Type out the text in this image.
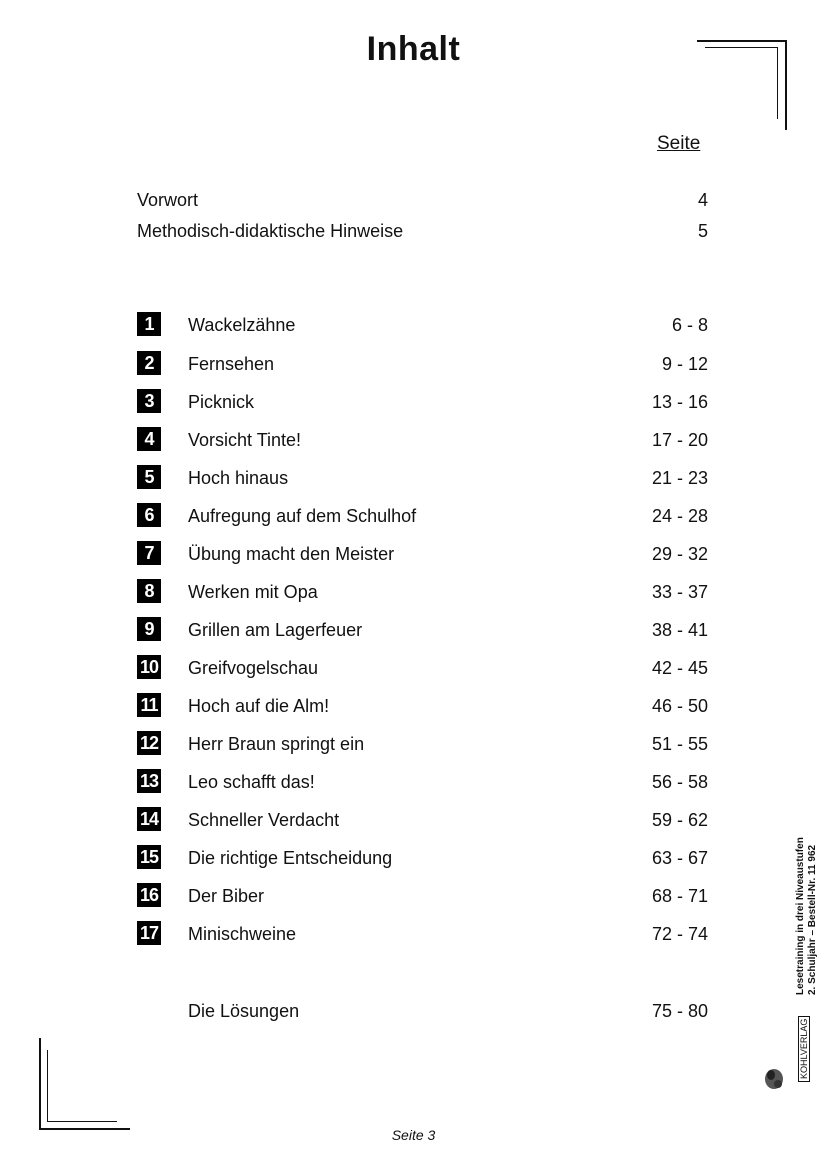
Inhalt
Seite
Vorwort	4
Methodisch-didaktische Hinweise	5
1	Wackelzähne	6 - 8
2	Fernsehen	9 - 12
3	Picknick	13 - 16
4	Vorsicht Tinte!	17 - 20
5	Hoch hinaus	21 - 23
6	Aufregung auf dem Schulhof	24 - 28
7	Übung macht den Meister	29 - 32
8	Werken mit Opa	33 - 37
9	Grillen am Lagerfeuer	38 - 41
10 Greifvogelschau	42 - 45
11 Hoch auf die Alm!	46 - 50
12 Herr Braun springt ein	51 - 55
13 Leo schafft das!	56 - 58
14 Schneller Verdacht	59 - 62
15 Die richtige Entscheidung	63 - 67
16 Der Biber	68 - 71
17 Minischweine	72 - 74
Die Lösungen	75 - 80
Lesetraining in drei Niveaustufen 2. Schuljahr – Bestell-Nr. 11 962
KOHLVERLAG
Seite 3
